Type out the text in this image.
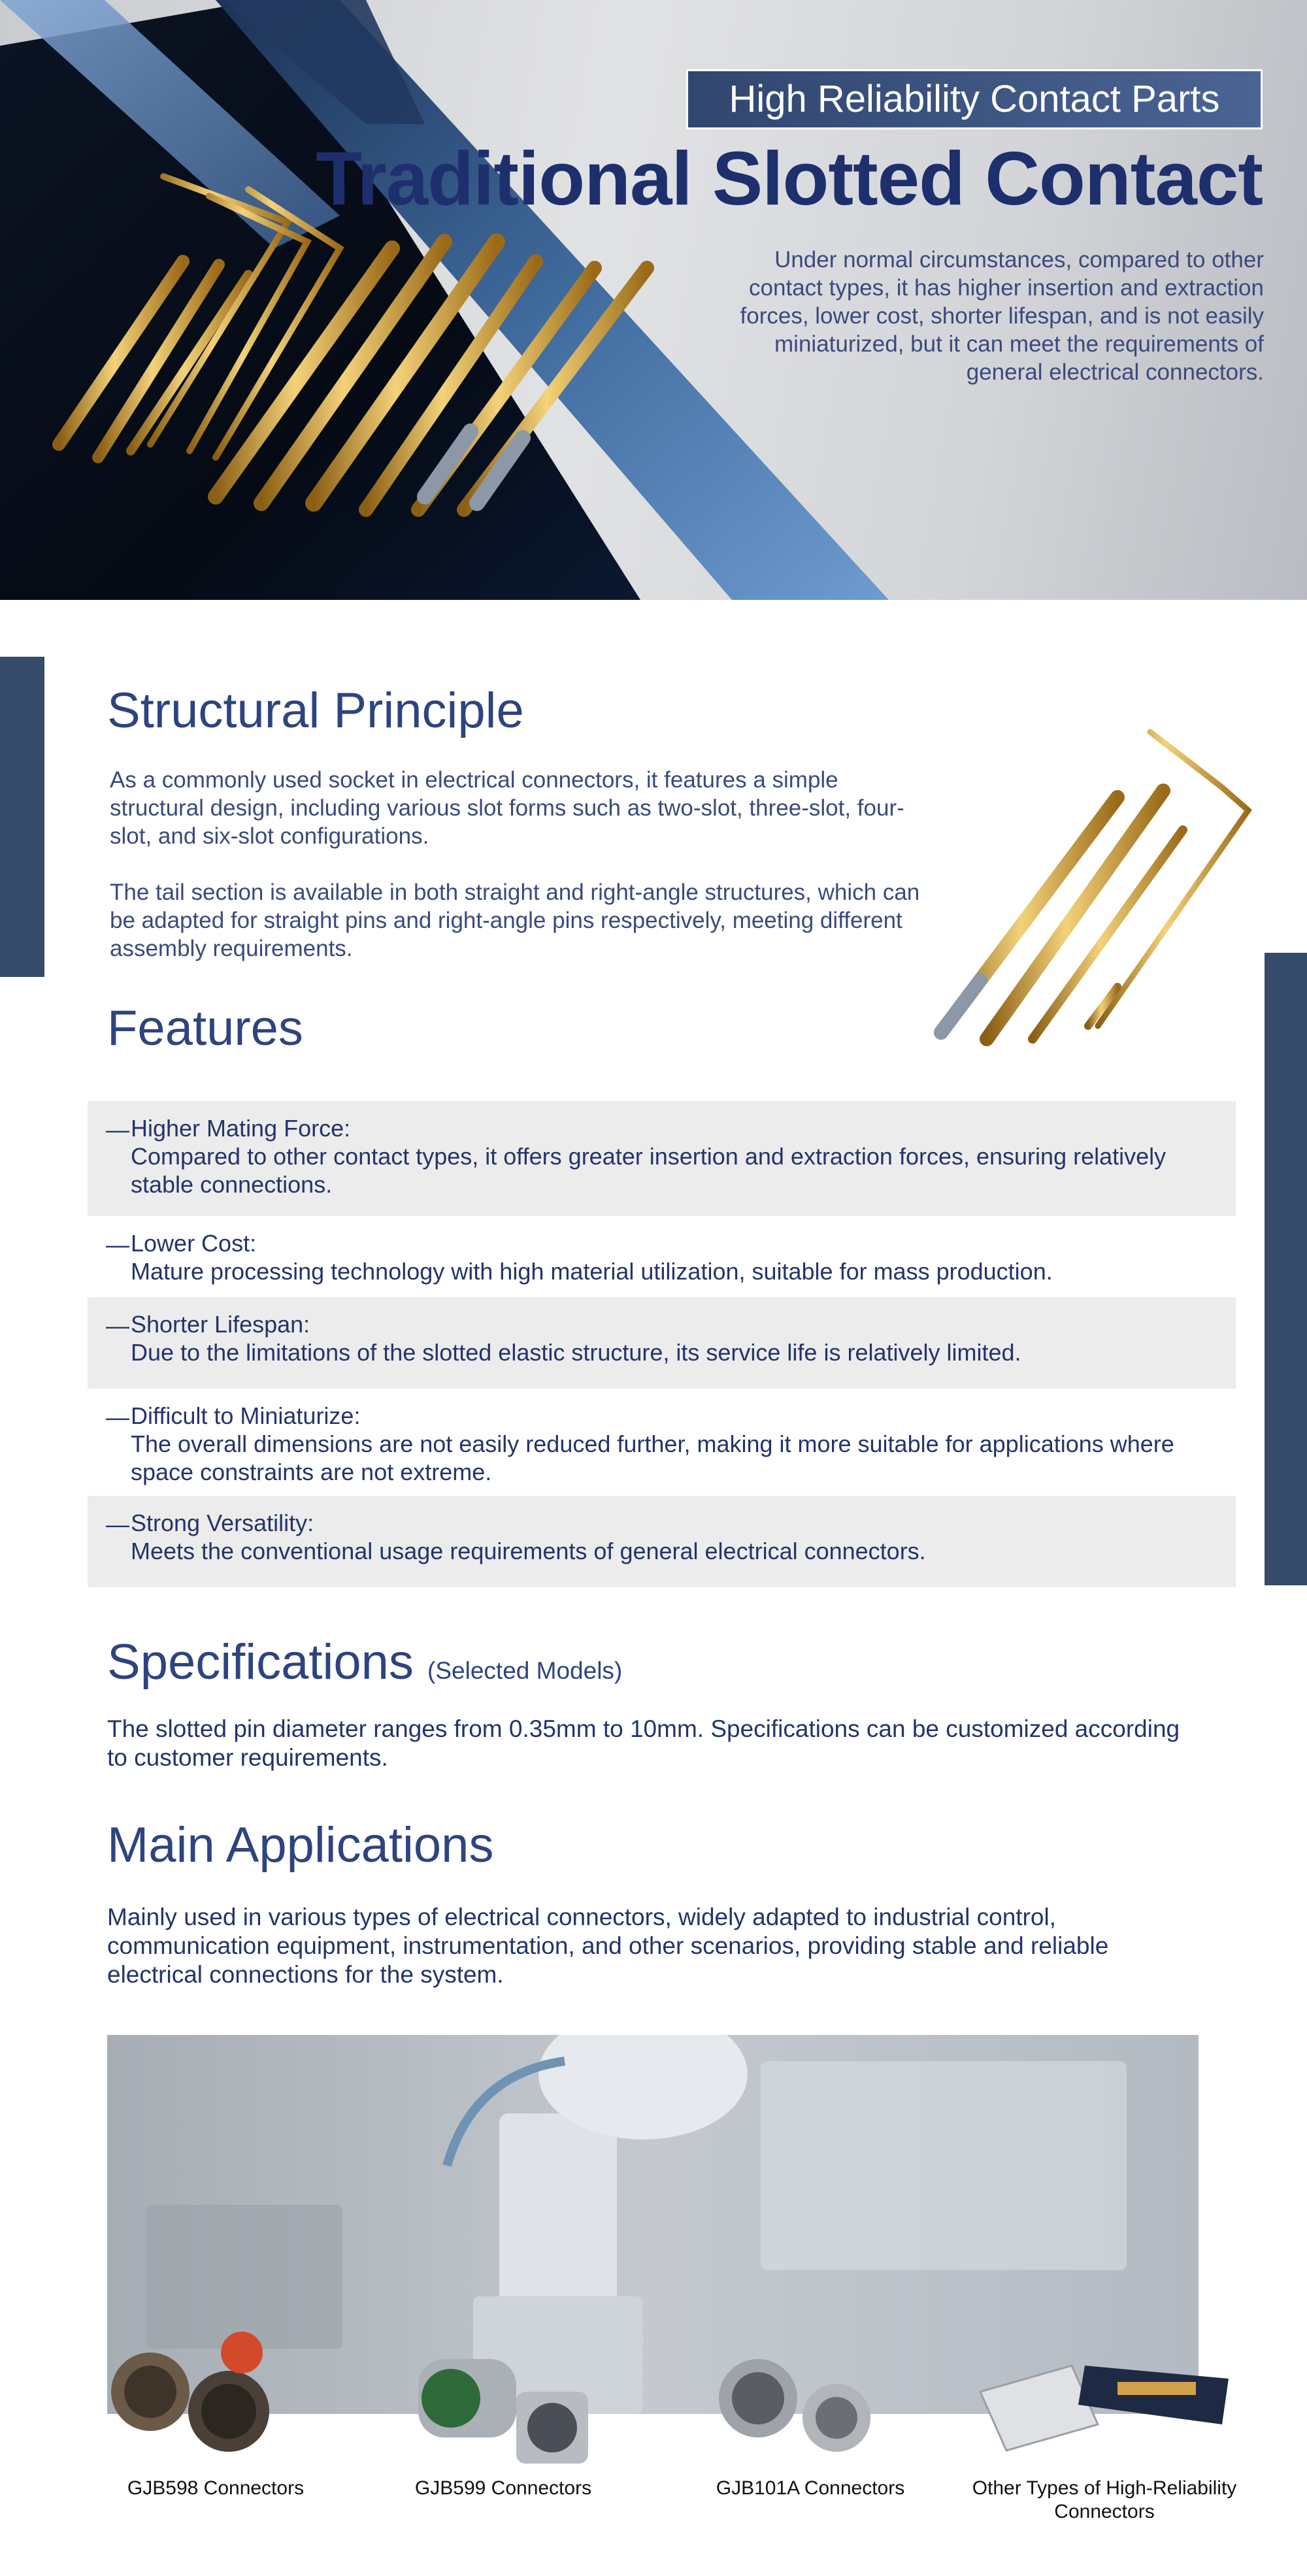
High Reliability Contact Parts
Traditional Slotted Contact
Under normal circumstances, compared to other contact types, it has higher insertion and extraction forces, lower cost, shorter lifespan, and is not easily miniaturized, but it can meet the requirements of general electrical connectors.
Structural Principle
As a commonly used socket in electrical connectors, it features a simple structural design, including various slot forms such as two-slot, three-slot, four-slot, and six-slot configurations.
The tail section is available in both straight and right-angle structures, which can be adapted for straight pins and right-angle pins respectively, meeting different assembly requirements.
Features
— Higher Mating Force:
Compared to other contact types, it offers greater insertion and extraction forces, ensuring relatively stable connections.
— Lower Cost:
Mature processing technology with high material utilization, suitable for mass production.
— Shorter Lifespan:
Due to the limitations of the slotted elastic structure, its service life is relatively limited.
— Difficult to Miniaturize:
The overall dimensions are not easily reduced further, making it more suitable for applications where space constraints are not extreme.
— Strong Versatility:
Meets the conventional usage requirements of general electrical connectors.
Specifications (Selected Models)
The slotted pin diameter ranges from 0.35mm to 10mm. Specifications can be customized according to customer requirements.
Main Applications
Mainly used in various types of electrical connectors, widely adapted to industrial control, communication equipment, instrumentation, and other scenarios, providing stable and reliable electrical connections for the system.
GJB598 Connectors	GJB599 Connectors	GJB101A Connectors	Other Types of High-Reliability Connectors
